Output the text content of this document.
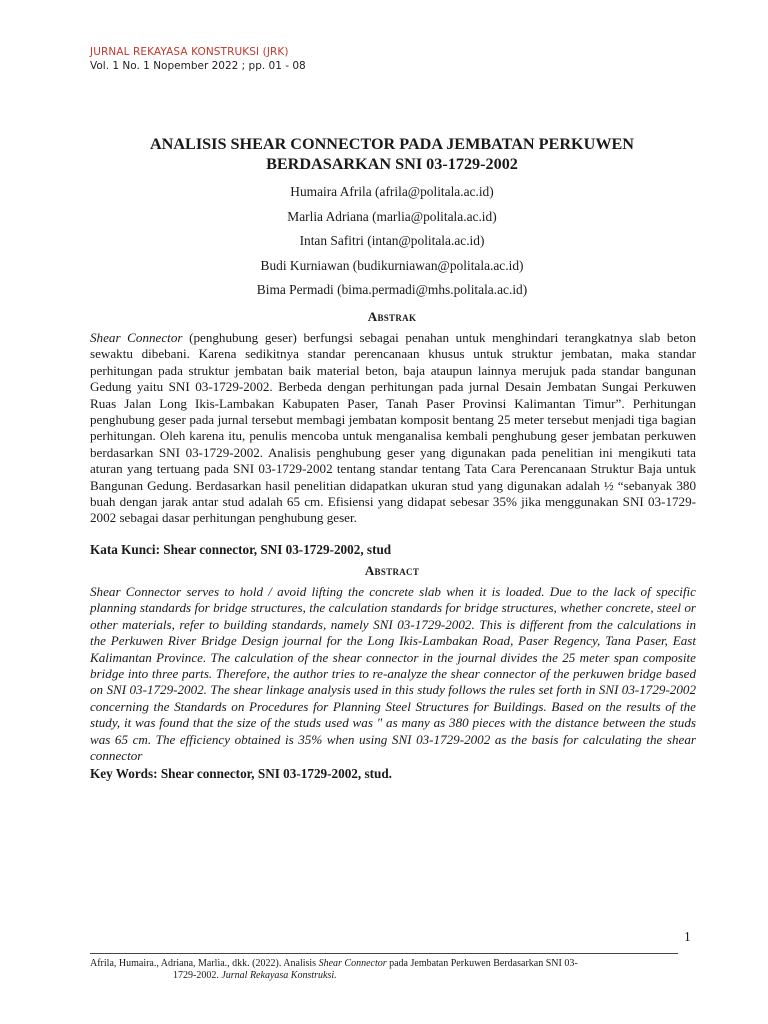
JURNAL REKAYASA KONSTRUKSI (JRK)
Vol. 1 No. 1 Nopember 2022 ; pp. 01 - 08
ANALISIS SHEAR CONNECTOR PADA JEMBATAN PERKUWEN
BERDASARKAN SNI 03-1729-2002
Humaira Afrila (afrila@politala.ac.id)
Marlia Adriana (marlia@politala.ac.id)
Intan Safitri (intan@politala.ac.id)
Budi Kurniawan (budikurniawan@politala.ac.id)
Bima Permadi (bima.permadi@mhs.politala.ac.id)
Abstrak
Shear Connector (penghubung geser) berfungsi sebagai penahan untuk menghindari terangkatnya slab beton sewaktu dibebani. Karena sedikitnya standar perencanaan khusus untuk struktur jembatan, maka standar perhitungan pada struktur jembatan baik material beton, baja ataupun lainnya merujuk pada standar bangunan Gedung yaitu SNI 03-1729-2002. Berbeda dengan perhitungan pada jurnal Desain Jembatan Sungai Perkuwen Ruas Jalan Long Ikis-Lambakan Kabupaten Paser, Tanah Paser Provinsi Kalimantan Timur”. Perhitungan penghubung geser pada jurnal tersebut membagi jembatan komposit bentang 25 meter tersebut menjadi tiga bagian perhitungan. Oleh karena itu, penulis mencoba untuk menganalisa kembali penghubung geser jembatan perkuwen berdasarkan SNI 03-1729-2002. Analisis penghubung geser yang digunakan pada penelitian ini mengikuti tata aturan yang tertuang pada SNI 03-1729-2002 tentang standar tentang Tata Cara Perencanaan Struktur Baja untuk Bangunan Gedung. Berdasarkan hasil penelitian didapatkan ukuran stud yang digunakan adalah ½ “sebanyak 380 buah dengan jarak antar stud adalah 65 cm. Efisiensi yang didapat sebesar 35% jika menggunakan SNI 03-1729-2002 sebagai dasar perhitungan penghubung geser.
Kata Kunci: Shear connector, SNI 03-1729-2002, stud
Abstract
Shear Connector serves to hold / avoid lifting the concrete slab when it is loaded. Due to the lack of specific planning standards for bridge structures, the calculation standards for bridge structures, whether concrete, steel or other materials, refer to building standards, namely SNI 03-1729-2002. This is different from the calculations in the Perkuwen River Bridge Design journal for the Long Ikis-Lambakan Road, Paser Regency, Tana Paser, East Kalimantan Province. The calculation of the shear connector in the journal divides the 25 meter span composite bridge into three parts. Therefore, the author tries to re-analyze the shear connector of the perkuwen bridge based on SNI 03-1729-2002. The shear linkage analysis used in this study follows the rules set forth in SNI 03-1729-2002 concerning the Standards on Procedures for Planning Steel Structures for Buildings. Based on the results of the study, it was found that the size of the studs used was " as many as 380 pieces with the distance between the studs was 65 cm. The efficiency obtained is 35% when using SNI 03-1729-2002 as the basis for calculating the shear connector
Key Words: Shear connector, SNI 03-1729-2002, stud.
1
Afrila, Humaira., Adriana, Marlia., dkk. (2022). Analisis Shear Connector pada Jembatan Perkuwen Berdasarkan SNI 03-
1729-2002. Jurnal Rekayasa Konstruksi.
